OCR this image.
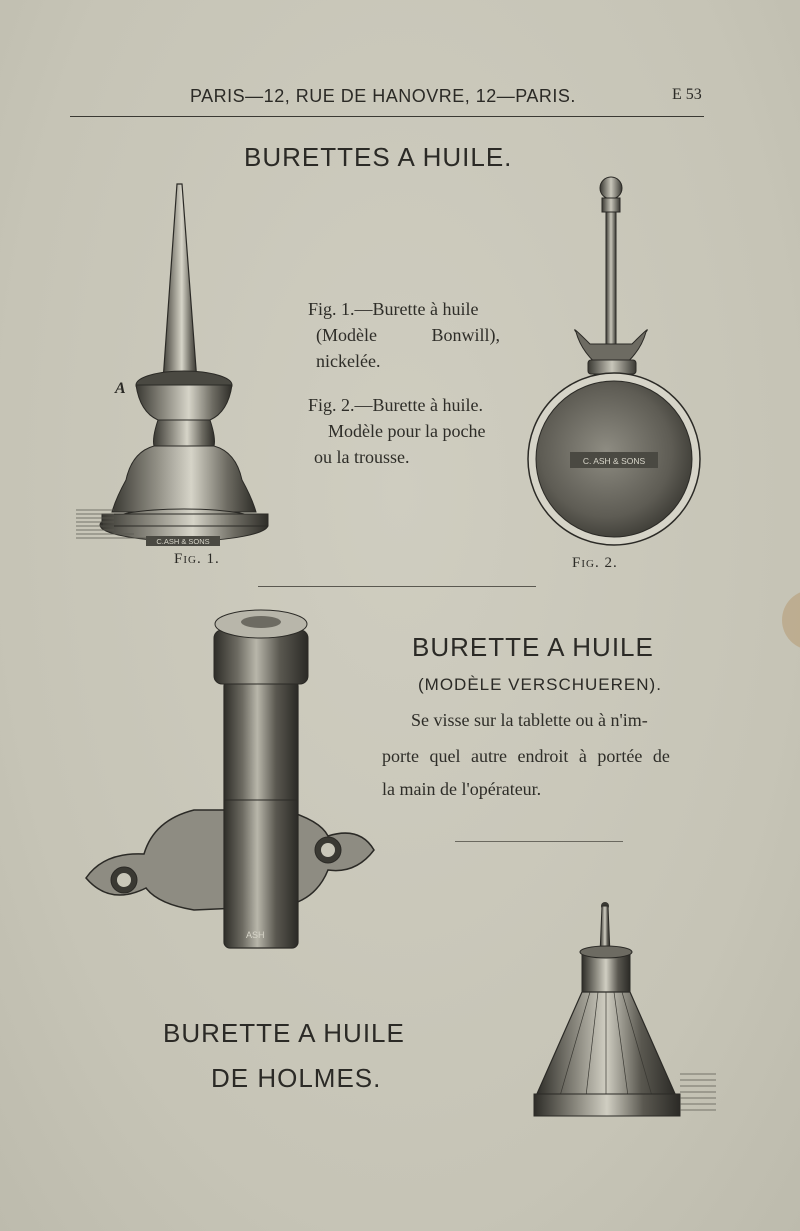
PARIS—12, RUE DE HANOVRE, 12—PARIS.	E 53
BURETTES A HUILE.
C.ASH & SONS
A
Fig. 1.—Burette à huile
(Modèle Bonwill),
nickelée.
Fig. 2.—Burette à huile.
Modèle pour la poche
ou la trousse.	C. ASH & SONS
Fig. 1.	Fig. 2.
ASH
BURETTE A HUILE
(MODÈLE VERSCHUEREN).
Se visse sur la tablette ou à n'im-
porte quel autre endroit à portée de
la main de l'opérateur.
BURETTE A HUILE
DE HOLMES.
